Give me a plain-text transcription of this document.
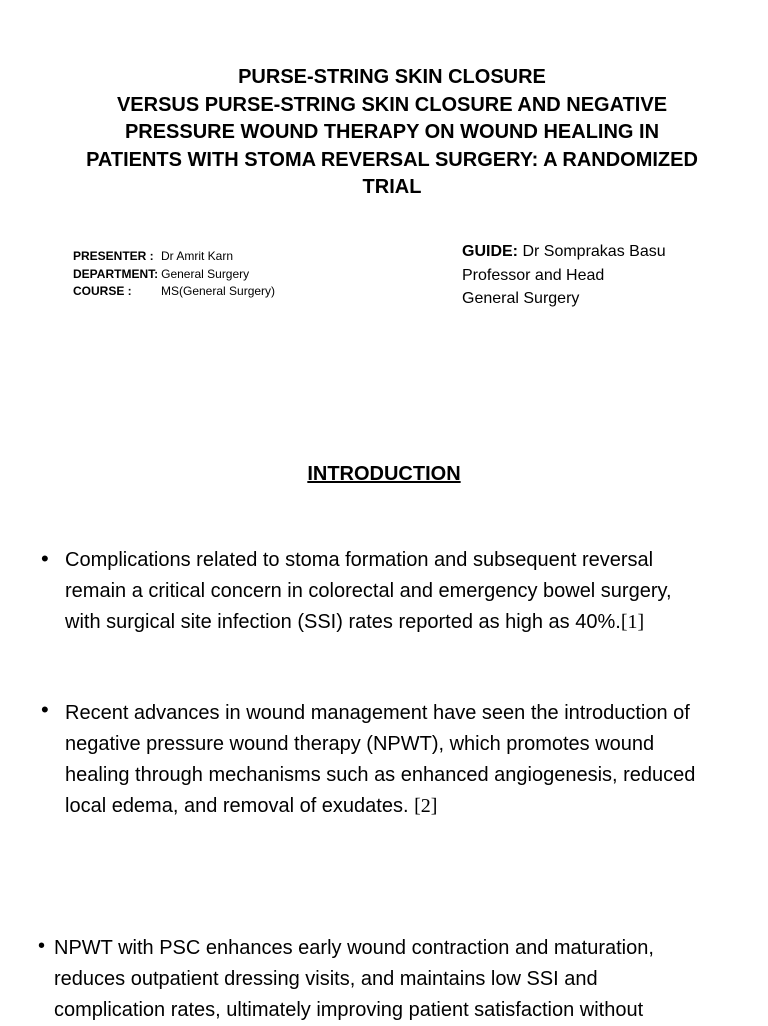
PURSE-STRING SKIN CLOSURE
VERSUS PURSE-STRING SKIN CLOSURE AND NEGATIVE
PRESSURE WOUND THERAPY ON WOUND HEALING IN
PATIENTS WITH STOMA REVERSAL SURGERY: A RANDOMIZED
TRIAL
PRESENTER : Dr Amrit Karn
DEPARTMENT: General Surgery
COURSE :	MS(General Surgery)
GUIDE: Dr Somprakas Basu
Professor and Head
General Surgery
INTRODUCTION
• Complications related to stoma formation and subsequent reversal
remain a critical concern in colorectal and emergency bowel surgery,
with surgical site infection (SSI) rates reported as high as 40%.[1]
• Recent advances in wound management have seen the introduction of
negative pressure wound therapy (NPWT), which promotes wound
healing through mechanisms such as enhanced angiogenesis, reduced
local edema, and removal of exudates. [2]
• NPWT with PSC enhances early wound contraction and maturation,
reduces outpatient dressing visits, and maintains low SSI and
complication rates, ultimately improving patient satisfaction without
